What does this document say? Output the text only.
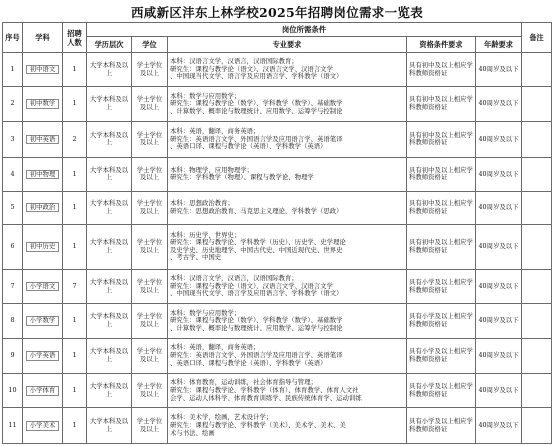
西咸新区沣东上林学校2025年招聘岗位需求一览表
序号	学科	招聘人数	岗位所需条件					备注
			学历层次	学位	专业要求	资格条件要求	年龄要求	
1	初中语文	1	大学本科及以上	学士学位及以上	本科：汉语言文学，汉语言，汉语国际教育；
研究生：课程与教学论（语文）、汉语言文学、汉语言文学
、中国现当代文学、语言学及应用语言学、学科教学（语文）	具有初中及以上相应学科教师资格证	40周岁及以下	
2	初中数学	1	大学本科及以上	学士学位及以上	本科：数学与应用数学；
研究生：课程与教学论（数学）、学科教学（数学）、基础数学
、计算数学、概率论与数理统计、应用数学、运筹学与控制论	具有初中及以上相应学科教师资格证	40周岁及以下	
3	初中英语	2	大学本科及以上	学士学位及以上	本科：英语，翻译，商务英语；
研究生：英语语言文学、外国语言学及应用语言学、英语笔译
、英语口译、课程与教学论（英语）、学科教学（英语）	具有初中及以上相应学科教师资格证	40周岁及以下	
4	初中物理	1	大学本科及以上	学士学位及以上	本科：物理学，应用物理学；
研究生：学科教学（物理）、课程与教学论、物理学	具有初中及以上相应学科教师资格证	40周岁及以下	
5	初中政治	1	大学本科及以上	学士学位及以上	本科：思想政治教育；
研究生：思想政治教育、马克思主义理论、学科教学（思政）	具有初中及以上相应学科教师资格证	40周岁及以下	
6	初中历史	1	大学本科及以上	学士学位及以上	本科：历史学，世界史；
研究生：课程与教学论、学科教学（历史）、历史学、史学理论
及史学史、历史地理学、中国古代史、中国近现代史、世界史
、考古学、中国史	具有初中及以上相应学科教师资格证	40周岁及以下	
7	小学语文	7	大学本科及以上	学士学位及以上	本科：汉语言文学，汉语言，汉语国际教育；
研究生：课程与教学论（语文）、汉语言文学、汉语言文学
、中国现当代文学、语言学及应用语言学、学科教学（语文）	具有小学及以上相应学科教师资格证	40周岁及以下	
8	小学数学	1	大学本科及以上	学士学位及以上	本科：数学与应用数学；
研究生：课程与教学论（数学）、学科教学（数学）、基础数学
、计算数学、概率论与数理统计、应用数学、运筹学与控制论	具有小学及以上相应学科教师资格证	40周岁及以下	
9	小学英语	1	大学本科及以上	学士学位及以上	本科：英语，翻译，商务英语；
研究生：英语语言文学、外国语言学及应用语言学、英语笔译
、英语口译、课程与教学论（英语）、学科教学（英语）	具有小学及以上相应学科教师资格证	40周岁及以下	
10	小学体育	1	大学本科及以上	学士学位及以上	本科：体育教育，运动训练，社会体育指导与管理；
研究生：课程与教学论、学科教学（体育）、体育教学、体育人文社
会学、运动人体科学、体育教育训练学、民族传统体育学、运动训练	具有小学及以上相应学科教师资格证	40周岁及以下	
11	小学美术	1	大学本科及以上	学士学位及以上	本科：美术学，绘画，艺术设计学；
研究生：课程与教学论、学科教学（美术）、美术学、美术、美
术与书法、绘画	具有小学及以上相应学科教师资格证	40周岁及以下	
